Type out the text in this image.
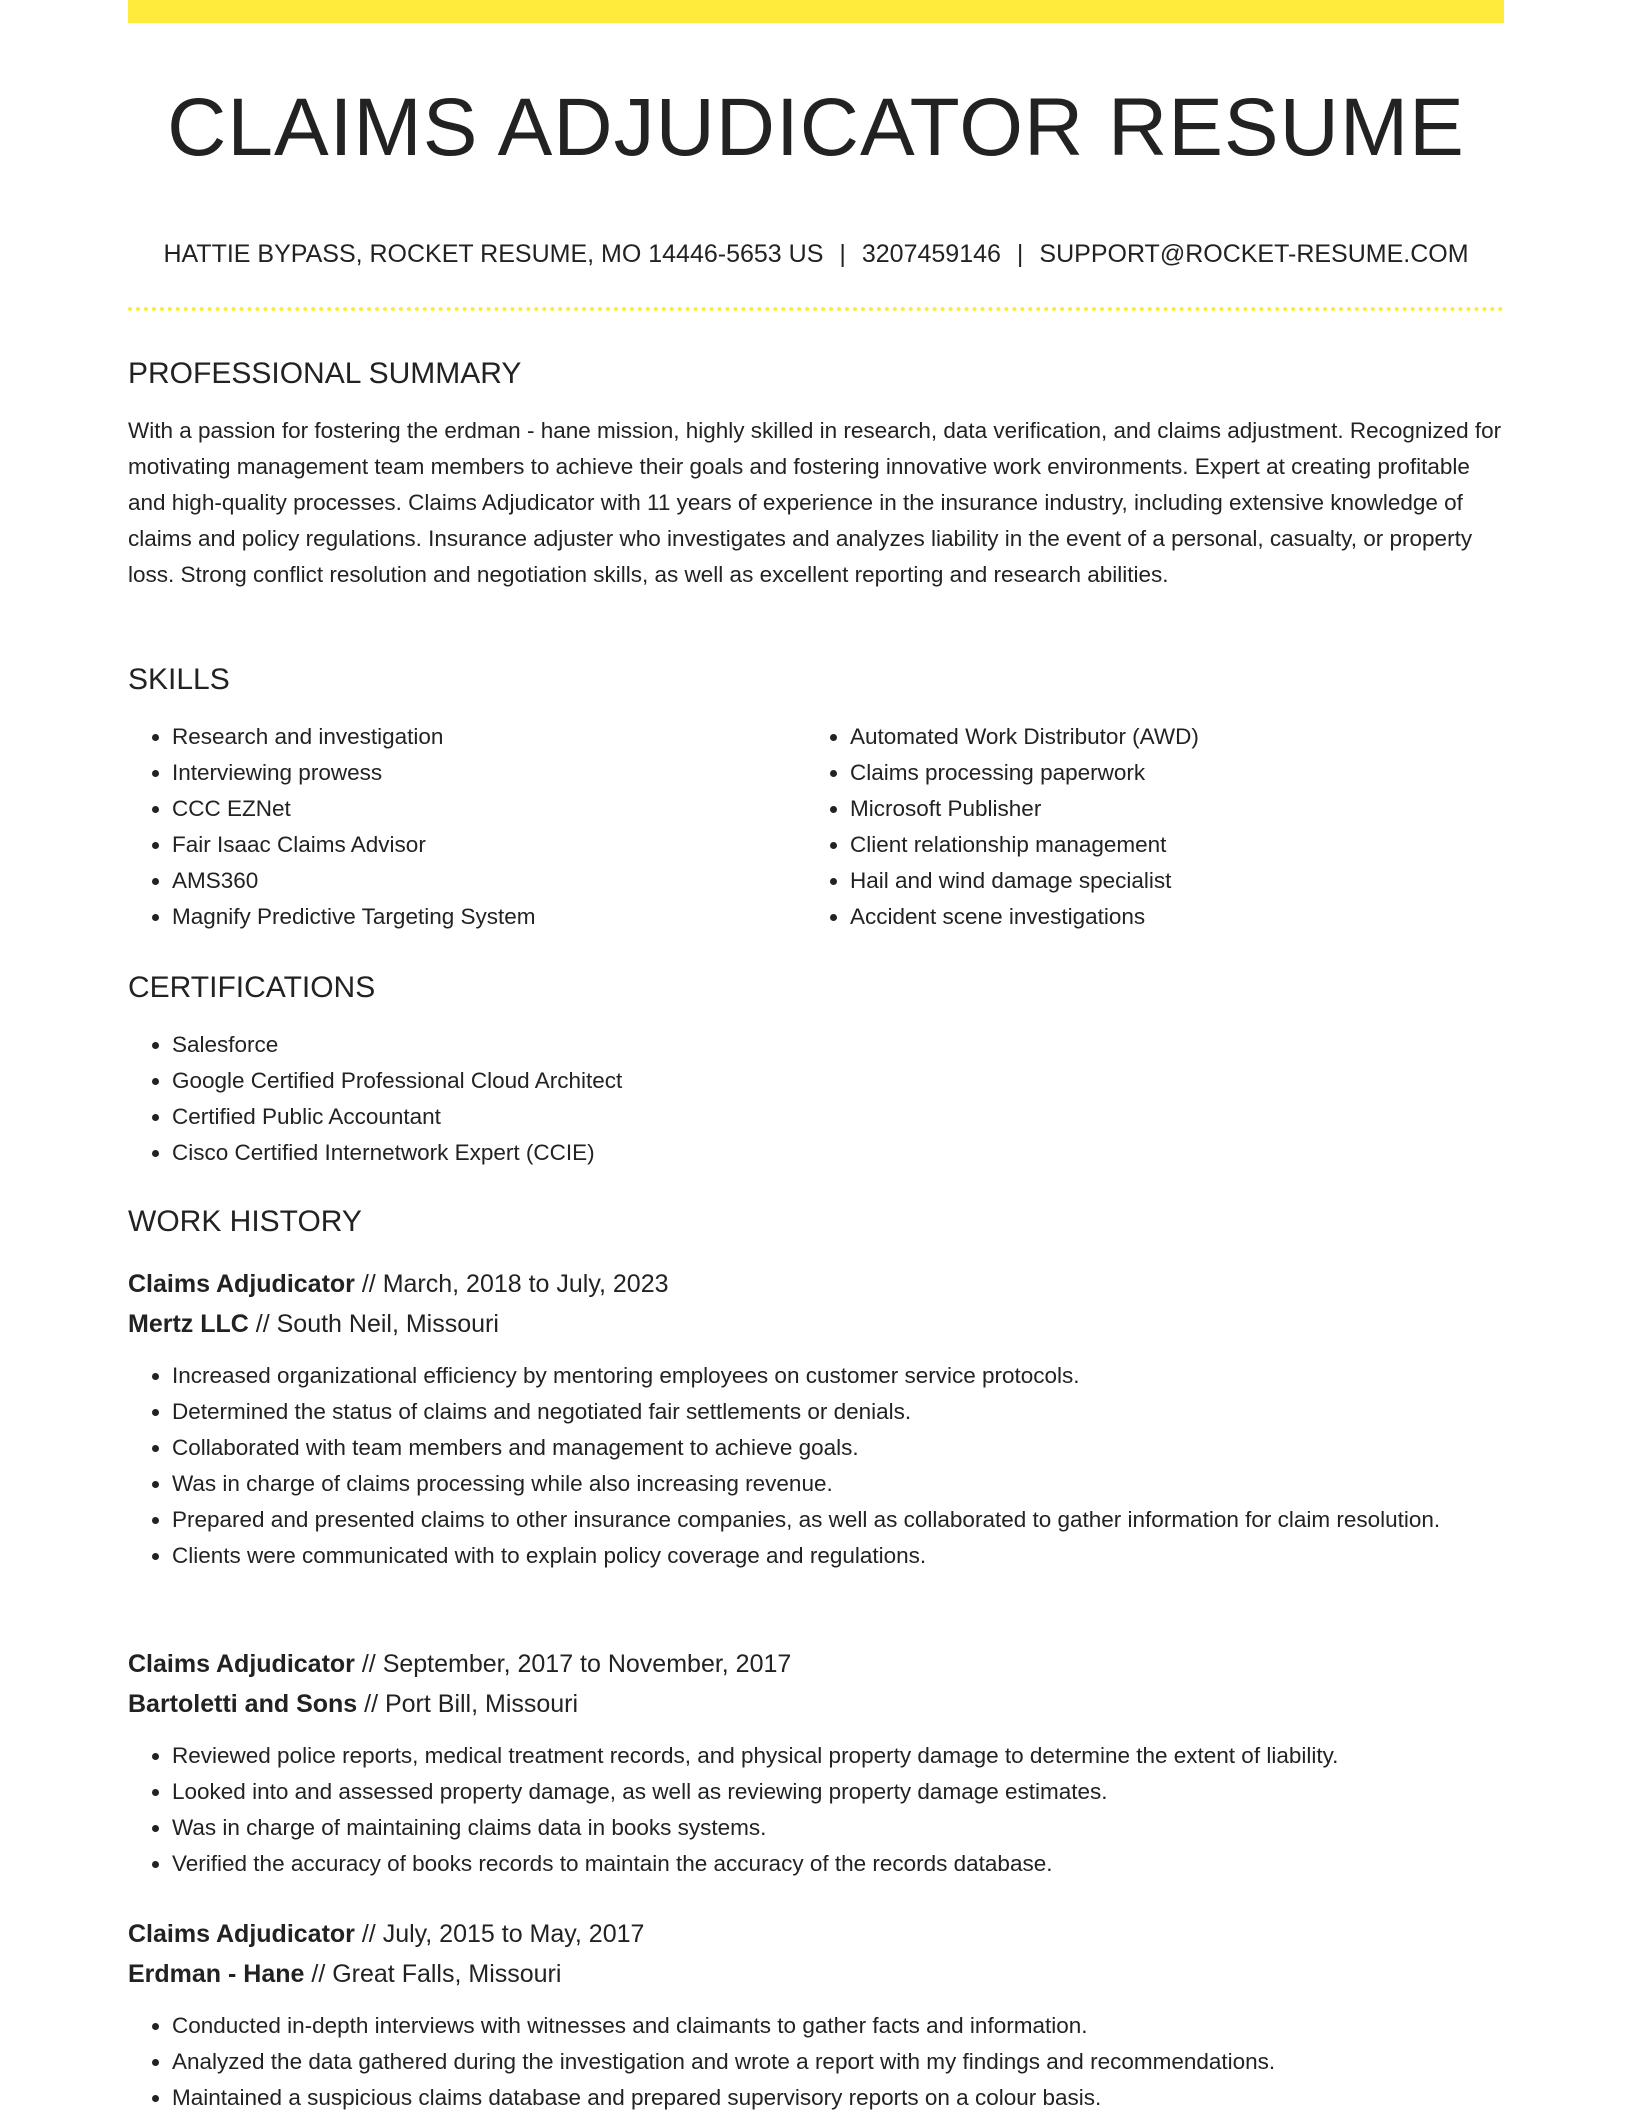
CLAIMS ADJUDICATOR RESUME
HATTIE BYPASS, ROCKET RESUME, MO 14446-5653 US | 3207459146 | SUPPORT@ROCKET-RESUME.COM
PROFESSIONAL SUMMARY

With a passion for fostering the erdman - hane mission, highly skilled in research, data verification, and claims adjustment. Recognized for motivating management team members to achieve their goals and fostering innovative work environments. Expert at creating profitable and high-quality processes. Claims Adjudicator with 11 years of experience in the insurance industry, including extensive knowledge of claims and policy regulations. Insurance adjuster who investigates and analyzes liability in the event of a personal, casualty, or property loss. Strong conflict resolution and negotiation skills, as well as excellent reporting and research abilities.

SKILLS
• Research and investigation
• Interviewing prowess
• CCC EZNet
• Fair Isaac Claims Advisor
• AMS360
• Magnify Predictive Targeting System
• Automated Work Distributor (AWD)
• Claims processing paperwork
• Microsoft Publisher
• Client relationship management
• Hail and wind damage specialist
• Accident scene investigations
CERTIFICATIONS
• Salesforce
• Google Certified Professional Cloud Architect
• Certified Public Accountant
• Cisco Certified Internetwork Expert (CCIE)
WORK HISTORY

Claims Adjudicator // March, 2018 to July, 2023

Mertz LLC // South Neil, Missouri

• Increased organizational efficiency by mentoring employees on customer service protocols.
• Determined the status of claims and negotiated fair settlements or denials.
• Collaborated with team members and management to achieve goals.
• Was in charge of claims processing while also increasing revenue.
• Prepared and presented claims to other insurance companies, as well as collaborated to gather information for claim resolution.
• Clients were communicated with to explain policy coverage and regulations.

Claims Adjudicator // September, 2017 to November, 2017

Bartoletti and Sons // Port Bill, Missouri

• Reviewed police reports, medical treatment records, and physical property damage to determine the extent of liability.
• Looked into and assessed property damage, as well as reviewing property damage estimates.
• Was in charge of maintaining claims data in books systems.
• Verified the accuracy of books records to maintain the accuracy of the records database.

Claims Adjudicator // July, 2015 to May, 2017

Erdman - Hane // Great Falls, Missouri

• Conducted in-depth interviews with witnesses and claimants to gather facts and information.
• Analyzed the data gathered during the investigation and wrote a report with my findings and recommendations.
• Maintained a suspicious claims database and prepared supervisory reports on a colour basis.
